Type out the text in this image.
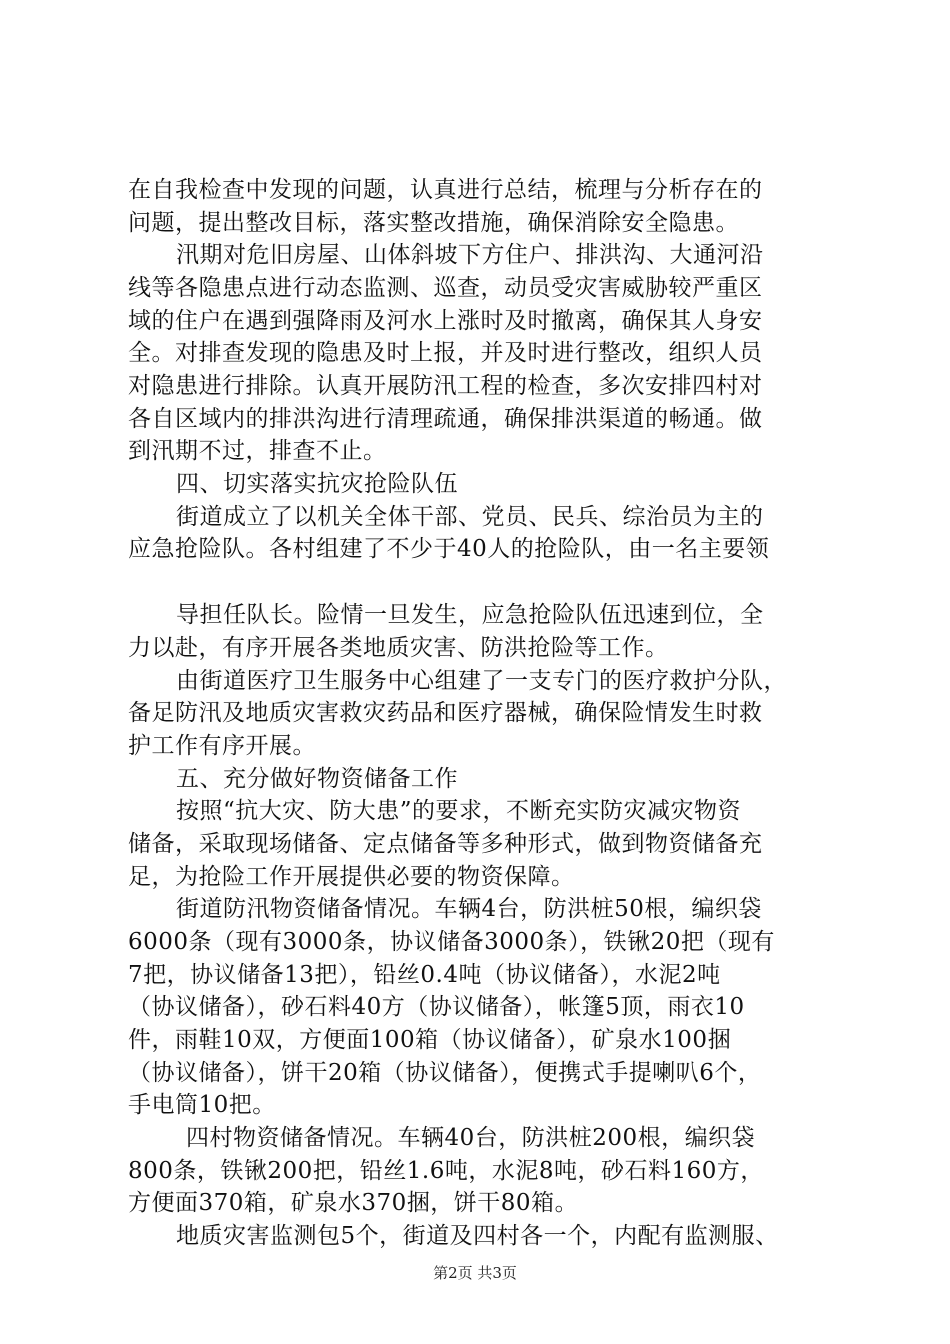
在自我检查中发现的问题，认真进行总结，梳理与分析存在的
问题，提出整改目标，落实整改措施，确保消除安全隐患。
汛期对危旧房屋、山体斜坡下方住户、排洪沟、大通河沿
线等各隐患点进行动态监测、巡查，动员受灾害威胁较严重区
域的住户在遇到强降雨及河水上涨时及时撤离，确保其人身安
全。对排查发现的隐患及时上报，并及时进行整改，组织人员
对隐患进行排除。认真开展防汛工程的检查，多次安排四村对
各自区域内的排洪沟进行清理疏通，确保排洪渠道的畅通。做
到汛期不过，排查不止。
四、切实落实抗灾抢险队伍
街道成立了以机关全体干部、党员、民兵、综治员为主的
应急抢险队。各村组建了不少于40人的抢险队，由一名主要领
导担任队长。险情一旦发生，应急抢险队伍迅速到位，全
力以赴，有序开展各类地质灾害、防洪抢险等工作。
由街道医疗卫生服务中心组建了一支专门的医疗救护分队，
备足防汛及地质灾害救灾药品和医疗器械，确保险情发生时救
护工作有序开展。
五、充分做好物资储备工作
按照“抗大灾、防大患”的要求，不断充实防灾减灾物资
储备，采取现场储备、定点储备等多种形式，做到物资储备充
足，为抢险工作开展提供必要的物资保障。
街道防汛物资储备情况。车辆4台，防洪桩50根，编织袋
6000条（现有3000条，协议储备3000条），铁锹20把（现有
7把，协议储备13把），铅丝0.4吨（协议储备），水泥2吨
（协议储备），砂石料40方（协议储备），帐篷5顶，雨衣10
件，雨鞋10双，方便面100箱（协议储备），矿泉水100捆
（协议储备），饼干20箱（协议储备），便携式手提喇叭6个，
手电筒10把。
四村物资储备情况。车辆40台，防洪桩200根，编织袋
800条，铁锹200把，铅丝1.6吨，水泥8吨，砂石料160方，
方便面370箱，矿泉水370捆，饼干80箱。
地质灾害监测包5个，街道及四村各一个，内配有监测服、
第2页 共3页
